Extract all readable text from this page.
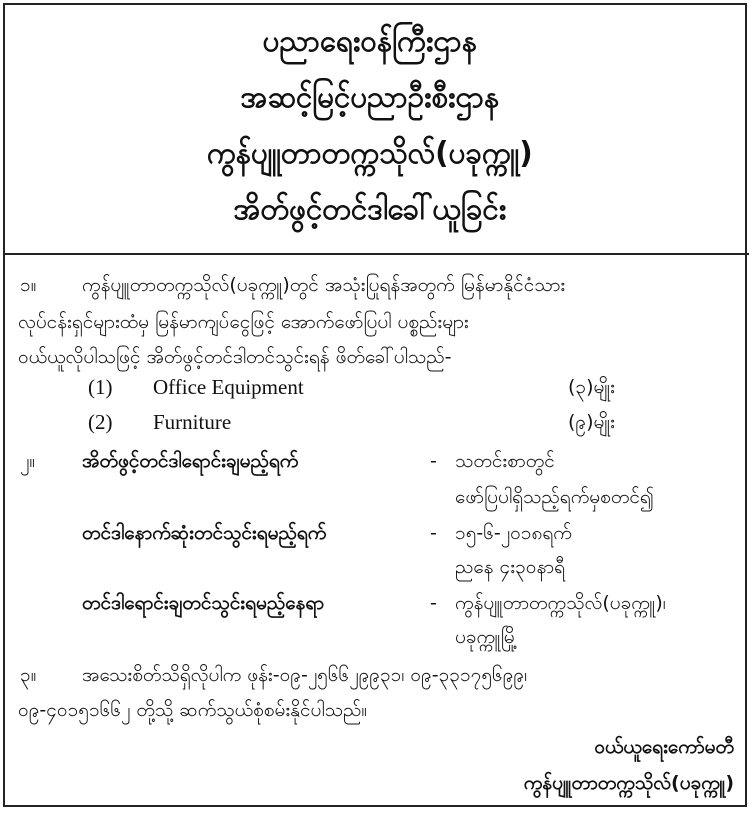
ပညာရေးဝန်ကြီးဌာန
အဆင့်မြင့်ပညာဦးစီးဌာန
ကွန်ပျူတာတက္ကသိုလ်(ပခုက္ကူ)
အိတ်ဖွင့်တင်ဒါခေါ်ယူခြင်း
၁။ ကွန်ပျူတာတက္ကသိုလ်(ပခုက္ကူ)တွင် အသုံးပြုရန်အတွက် မြန်မာနိုင်ငံသား
လုပ်ငန်းရှင်များထံမှ မြန်မာကျပ်ငွေဖြင့် အောက်ဖော်ပြပါ ပစ္စည်းများ
ဝယ်ယူလိုပါသဖြင့် အိတ်ဖွင့်တင်ဒါတင်သွင်းရန် ဖိတ်ခေါ်ပါသည်-
(1) Office Equipment	(၃)မျိုး
(2) Furniture	(၉)မျိုး
၂။ အိတ်ဖွင့်တင်ဒါရောင်းချမည့်ရက်	- သတင်းစာတွင်
ဖော်ပြပါရှိသည့်ရက်မှစတင်၍
တင်ဒါနောက်ဆုံးတင်သွင်းရမည့်ရက်	- ၁၅-၆-၂၀၁၈ရက်
ညနေ ၄း၃၀နာရီ
တင်ဒါရောင်းချတင်သွင်းရမည့်နေရာ	- ကွန်ပျူတာတက္ကသိုလ်(ပခုက္ကူ)၊
ပခုက္ကူမြို့
၃။ အသေးစိတ်သိရှိလိုပါက ဖုန်း-၀၉-၂၅၆၆၂၉၉၃၁၊ ၀၉-၃၃၁၇၅၆၉၉၊
၀၉-၄၀၁၅၁၆၆၂ တို့သို့ ဆက်သွယ်စုံစမ်းနိုင်ပါသည်။
ဝယ်ယူရေးကော်မတီ
ကွန်ပျူတာတက္ကသိုလ်(ပခုက္ကူ)
